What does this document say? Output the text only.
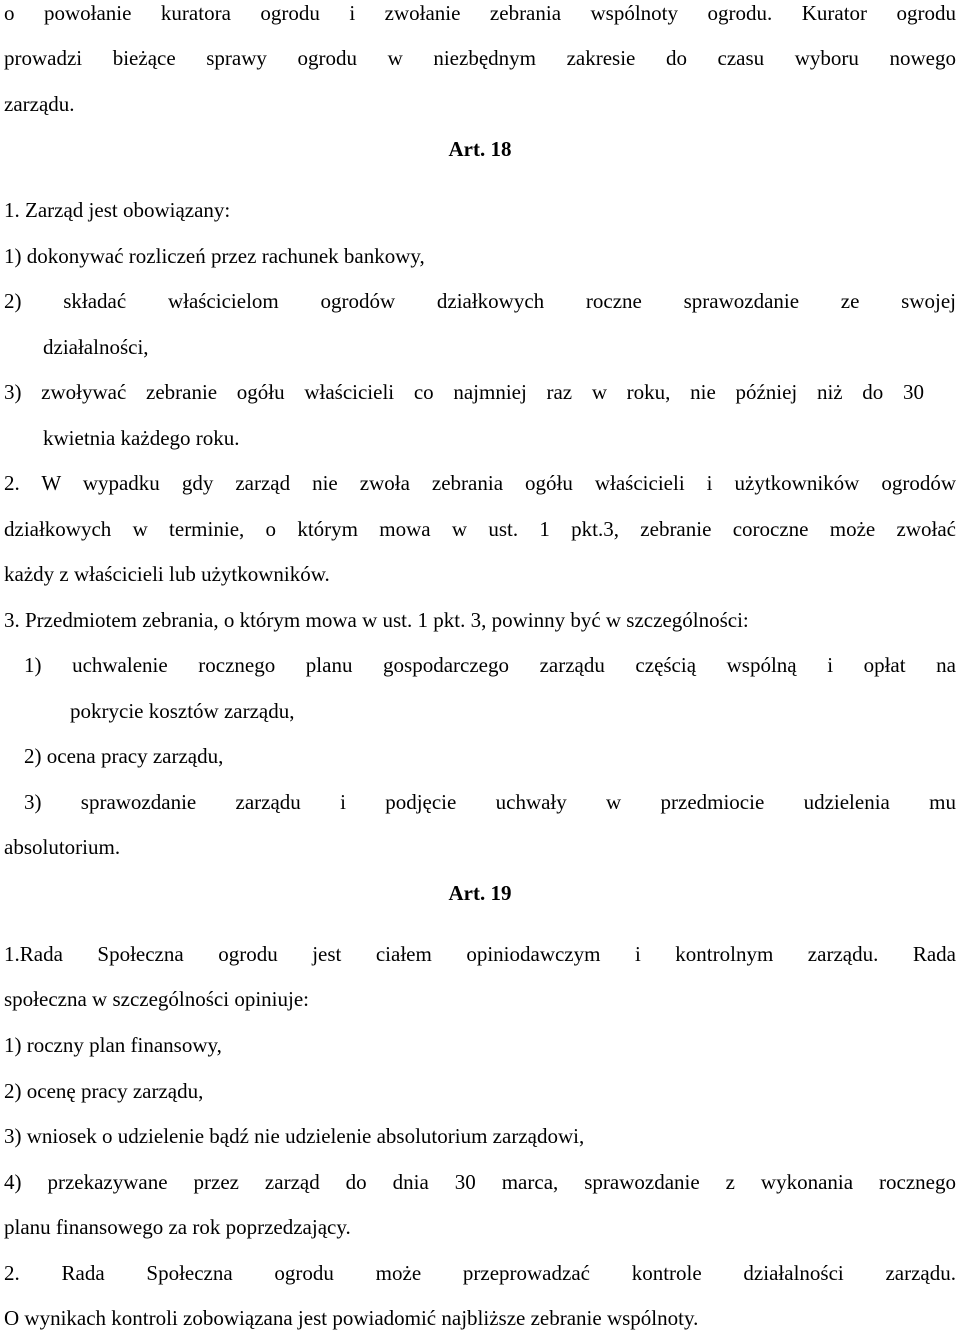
o powołanie kuratora ogrodu i zwołanie zebrania wspólnoty ogrodu. Kurator ogrodu
prowadzi bieżące sprawy ogrodu w niezbędnym zakresie do czasu wyboru nowego
zarządu.
Art. 18
1. Zarząd jest obowiązany:
1) dokonywać rozliczeń przez rachunek bankowy,
2) składać właścicielom ogrodów działkowych roczne sprawozdanie ze swojej
działalności,
3) zwoływać zebranie ogółu właścicieli co najmniej raz w roku, nie później niż do 30
kwietnia każdego roku.
2. W wypadku gdy zarząd nie zwoła zebrania ogółu właścicieli i użytkowników ogrodów
działkowych w terminie, o którym mowa w ust. 1 pkt.3, zebranie coroczne może zwołać
każdy z właścicieli lub użytkowników.
3. Przedmiotem zebrania, o którym mowa w ust. 1 pkt. 3, powinny być w szczególności:
1) uchwalenie rocznego planu gospodarczego zarządu częścią wspólną i opłat na
pokrycie kosztów zarządu,
2) ocena pracy zarządu,
3) sprawozdanie zarządu i podjęcie uchwały w przedmiocie udzielenia mu
absolutorium.
Art. 19
1.Rada Społeczna ogrodu jest ciałem opiniodawczym i kontrolnym zarządu. Rada
społeczna w szczególności opiniuje:
1) roczny plan finansowy,
2) ocenę pracy zarządu,
3) wniosek o udzielenie bądź nie udzielenie absolutorium zarządowi,
4) przekazywane przez zarząd do dnia 30 marca, sprawozdanie z wykonania rocznego
planu finansowego za rok poprzedzający.
2. Rada Społeczna ogrodu może przeprowadzać kontrole działalności zarządu.
O wynikach kontroli zobowiązana jest powiadomić najbliższe zebranie wspólnoty.
